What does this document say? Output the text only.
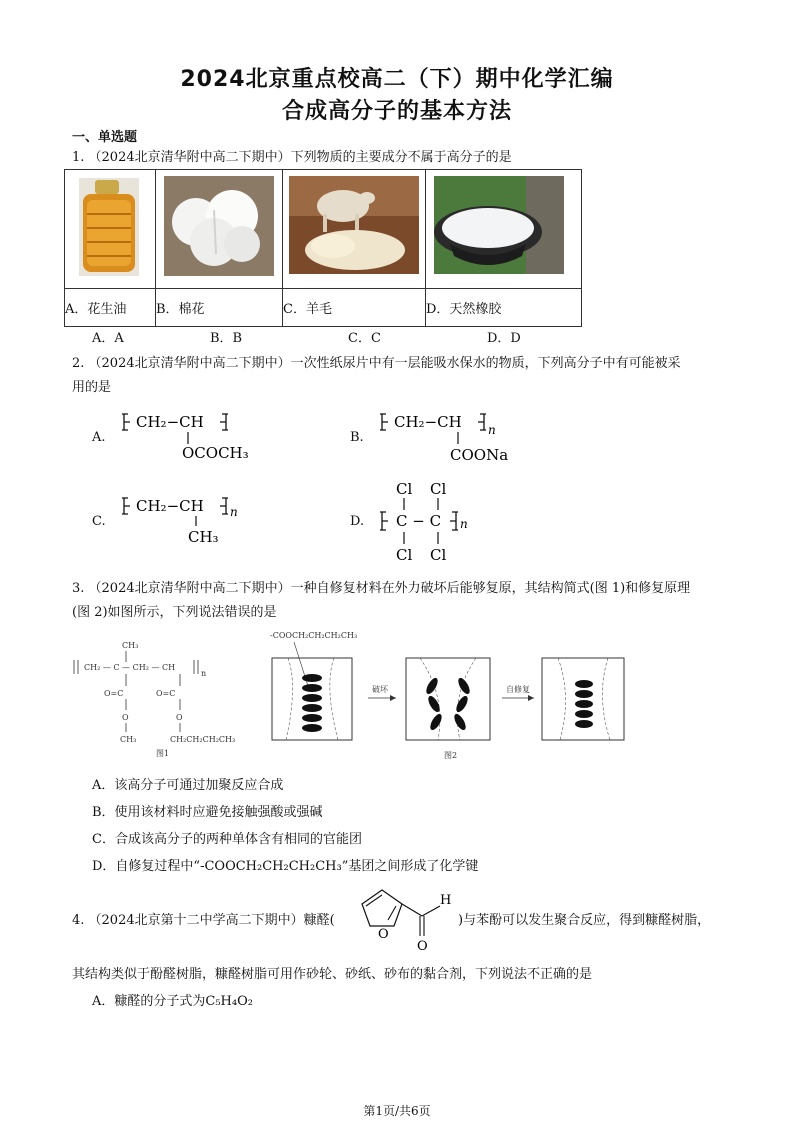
2024北京重点校高二（下）期中化学汇编
合成高分子的基本方法
一、单选题
1. （2024北京清华附中高二下期中）下列物质的主要成分不属于高分子的是

A．花生油	B．棉花	C．羊毛	D．天然橡胶
A．A	B．B	C．C	D．D
2. （2024北京清华附中高二下期中）一次性纸尿片中有一层能吸水保水的物质，下列高分子中有可能被采
用的是
A.
CH₂−CH
OCOCH₃
B.
CH₂−CH n
COONa
C.
CH₂−CH n
CH₃
D.
Cl Cl
C − C n
Cl Cl
3. （2024北京清华附中高二下期中）一种自修复材料在外力破坏后能够复原，其结构简式(图 1)和修复原理
(图 2)如图所示，下列说法错误的是
CH₃
CH₂ — C — CH₂ — CH
n
O=C	O=C
O	O
CH₃	CH₂CH₂CH₂CH₃
图1
-COOCH₂CH₂CH₂CH₃
破坏
图2
自修复
A．该高分子可通过加聚反应合成
B．使用该材料时应避免接触强酸或强碱
C．合成该高分子的两种单体含有相同的官能团
D．自修复过程中“-COOCH₂CH₂CH₂CH₃”基团之间形成了化学键
4. （2024北京第十二中学高二下期中）糠醛(
O
H
O
)与苯酚可以发生聚合反应，得到糠醛树脂，
其结构类似于酚醛树脂，糠醛树脂可用作砂轮、砂纸、砂布的黏合剂，下列说法不正确的是
A．糠醛的分子式为C₅H₄O₂
第1页/共6页
